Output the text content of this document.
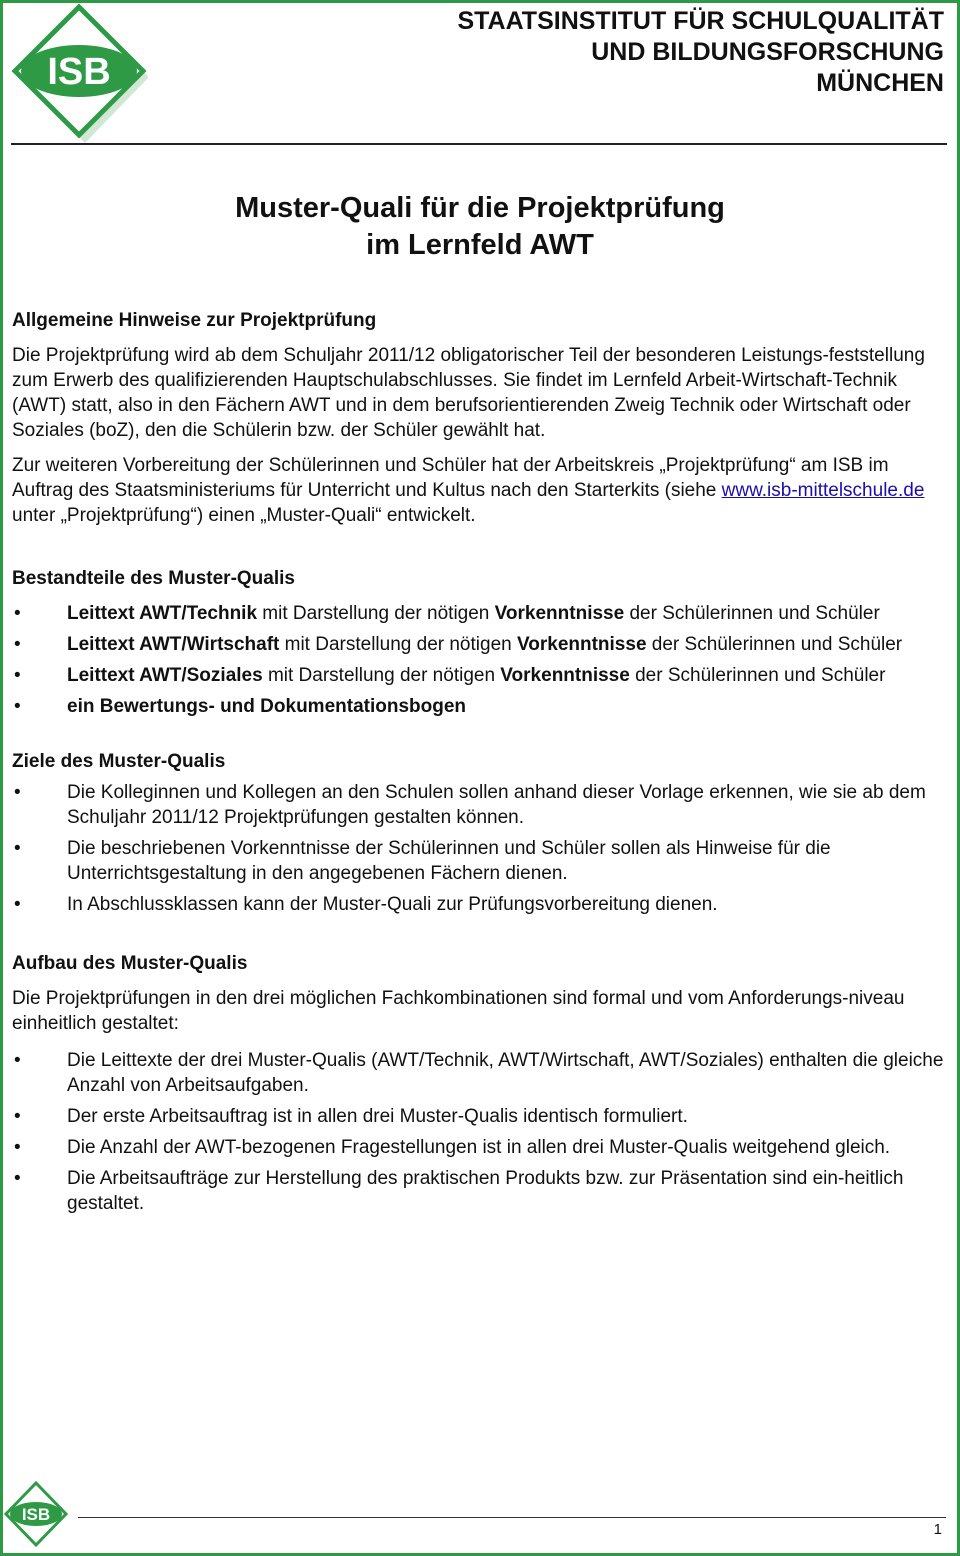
ISB
STAATSINSTITUT FÜR SCHULQUALITÄT
UND BILDUNGSFORSCHUNG
MÜNCHEN
Muster-Quali für die Projektprüfung
im Lernfeld AWT
Allgemeine Hinweise zur Projektprüfung

Die Projektprüfung wird ab dem Schuljahr 2011/12 obligatorischer Teil der besonderen Leistungs-feststellung zum Erwerb des qualifizierenden Hauptschulabschlusses. Sie findet im Lernfeld Arbeit-Wirtschaft-Technik (AWT) statt, also in den Fächern AWT und in dem berufsorientierenden Zweig Technik oder Wirtschaft oder Soziales (boZ), den die Schülerin bzw. der Schüler gewählt hat.

Zur weiteren Vorbereitung der Schülerinnen und Schüler hat der Arbeitskreis „Projektprüfung“ am ISB im Auftrag des Staatsministeriums für Unterricht und Kultus nach den Starterkits (siehe www.isb-mittelschule.de unter „Projektprüfung“) einen „Muster-Quali“ entwickelt.

Bestandteile des Muster-Qualis
• Leittext AWT/Technik mit Darstellung der nötigen Vorkenntnisse der Schülerinnen und Schüler
• Leittext AWT/Wirtschaft mit Darstellung der nötigen Vorkenntnisse der Schülerinnen und Schüler
• Leittext AWT/Soziales mit Darstellung der nötigen Vorkenntnisse der Schülerinnen und Schüler
• ein Bewertungs- und Dokumentationsbogen
Ziele des Muster-Qualis
• Die Kolleginnen und Kollegen an den Schulen sollen anhand dieser Vorlage erkennen, wie sie ab dem Schuljahr 2011/12 Projektprüfungen gestalten können.
• Die beschriebenen Vorkenntnisse der Schülerinnen und Schüler sollen als Hinweise für die Unterrichtsgestaltung in den angegebenen Fächern dienen.
• In Abschlussklassen kann der Muster-Quali zur Prüfungsvorbereitung dienen.
Aufbau des Muster-Qualis

Die Projektprüfungen in den drei möglichen Fachkombinationen sind formal und vom Anforderungs-niveau einheitlich gestaltet:

• Die Leittexte der drei Muster-Qualis (AWT/Technik, AWT/Wirtschaft, AWT/Soziales) enthalten die gleiche Anzahl von Arbeitsaufgaben.
• Der erste Arbeitsauftrag ist in allen drei Muster-Qualis identisch formuliert.
• Die Anzahl der AWT-bezogenen Fragestellungen ist in allen drei Muster-Qualis weitgehend gleich.
• Die Arbeitsaufträge zur Herstellung des praktischen Produkts bzw. zur Präsentation sind ein-heitlich gestaltet.
ISB
1
